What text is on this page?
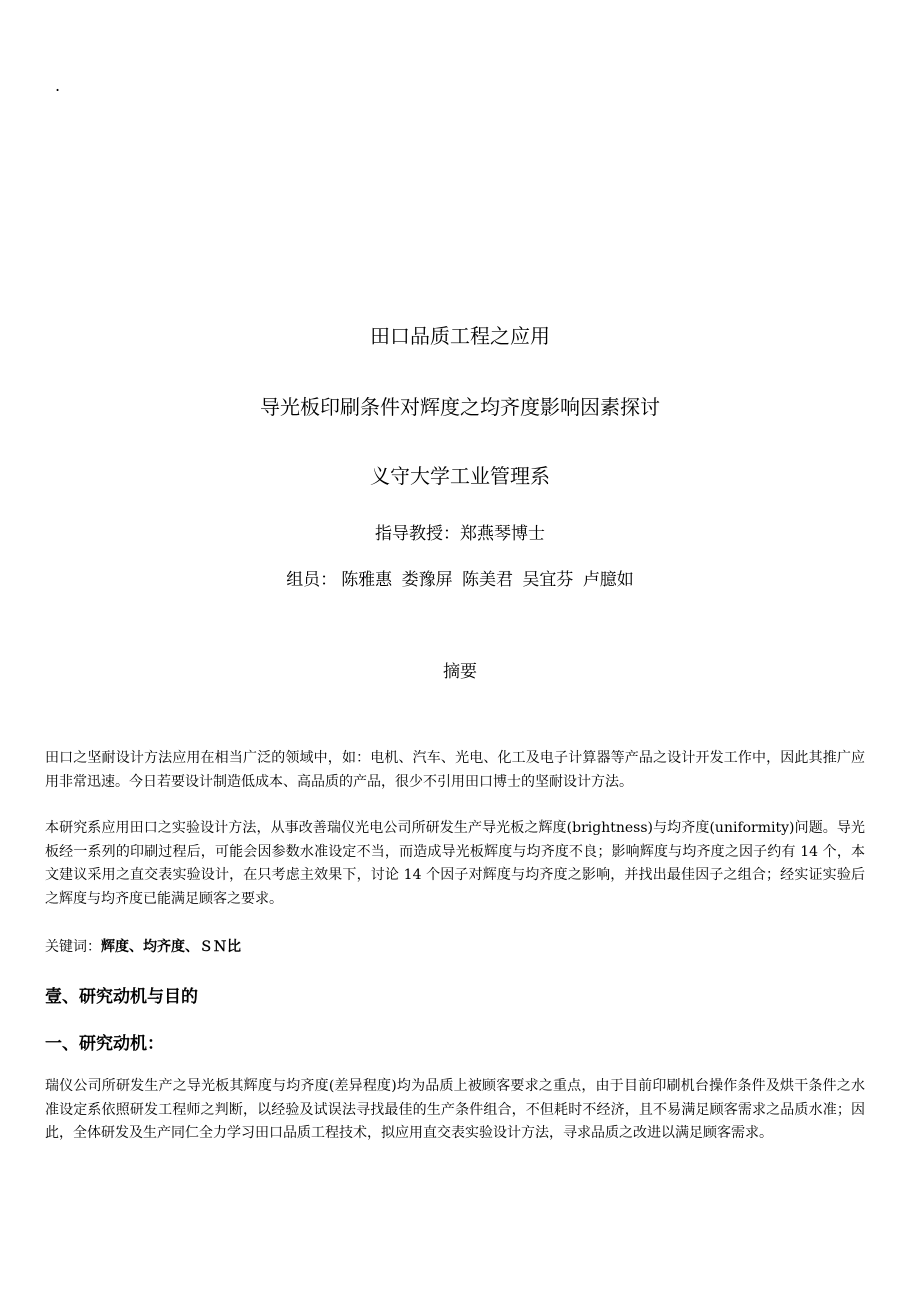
.
田口品质工程之应用
导光板印刷条件对辉度之均齐度影响因素探讨
义守大学工业管理系
指导教授：郑燕琴博士
组员： 陈雅惠 娄豫屏 陈美君 吴宜芬 卢臆如
摘要

田口之坚耐设计方法应用在相当广泛的领域中，如：电机、汽车、光电、化工及电子计算器等产品之设计开发工作中，因此其推广应用非常迅速。今日若要设计制造低成本、高品质的产品，很少不引用田口博士的坚耐设计方法。

本研究系应用田口之实验设计方法，从事改善瑞仪光电公司所研发生产导光板之辉度(brightness)与均齐度(uniformity)问题。导光板经一系列的印刷过程后，可能会因参数水准设定不当，而造成导光板辉度与均齐度不良；影响辉度与均齐度之因子约有 14 个，本文建议采用之直交表实验设计，在只考虑主效果下，讨论 14 个因子对辉度与均齐度之影响，并找出最佳因子之组合；经实证实验后之辉度与均齐度已能满足顾客之要求。

关键词：辉度、均齐度、ＳＮ比
壹、研究动机与目的
一、研究动机：

瑞仪公司所研发生产之导光板其辉度与均齐度(差异程度)均为品质上被顾客要求之重点，由于目前印刷机台操作条件及烘干条件之水准设定系依照研发工程师之判断，以经验及试误法寻找最佳的生产条件组合，不但耗时不经济，且不易满足顾客需求之品质水准；因此，全体研发及生产同仁全力学习田口品质工程技术，拟应用直交表实验设计方法，寻求品质之改进以满足顾客需求。
